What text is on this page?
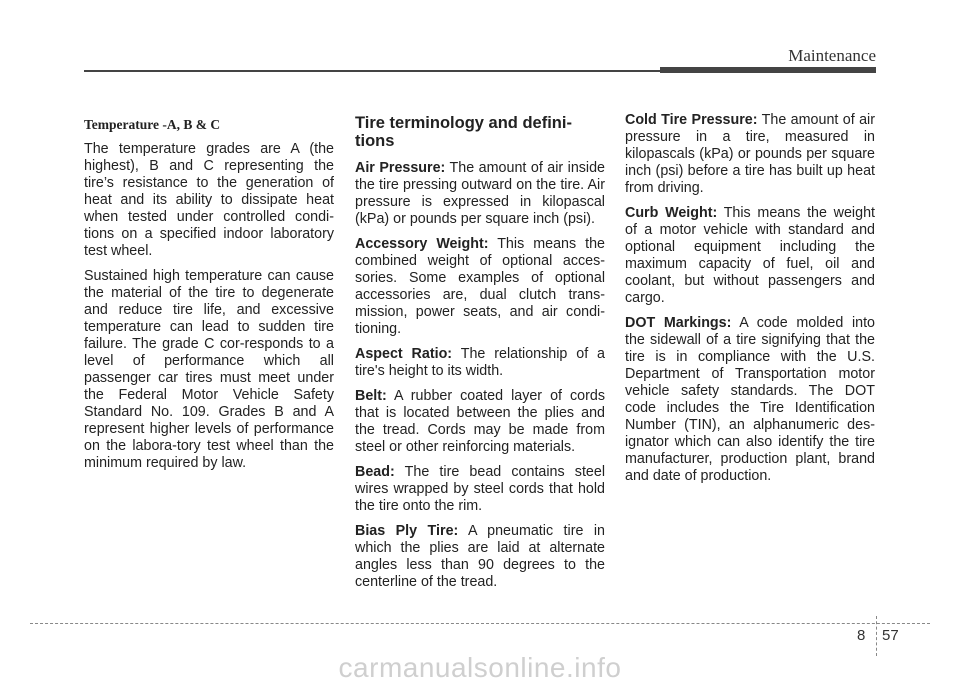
Maintenance
Temperature -A, B & C

The temperature grades are A (the highest), B and C representing the tire’s resistance to the generation of heat and its ability to dissipate heat when tested under controlled condi-tions on a specified indoor laboratory test wheel.

Sustained high temperature can cause the material of the tire to degenerate and reduce tire life, and excessive temperature can lead to sudden tire failure. The grade C cor-responds to a level of performance which all passenger car tires must meet under the Federal Motor Vehicle Safety Standard No. 109. Grades B and A represent higher levels of performance on the labora-tory test wheel than the minimum required by law.

Tire terminology and defini-tions

Air Pressure: The amount of air inside the tire pressing outward on the tire. Air pressure is expressed in kilopascal (kPa) or pounds per square inch (psi).

Accessory Weight: This means the combined weight of optional acces-sories. Some examples of optional accessories are, dual clutch trans-mission, power seats, and air condi-tioning.

Aspect Ratio: The relationship of a tire's height to its width.

Belt: A rubber coated layer of cords that is located between the plies and the tread. Cords may be made from steel or other reinforcing materials.

Bead: The tire bead contains steel wires wrapped by steel cords that hold the tire onto the rim.

Bias Ply Tire: A pneumatic tire in which the plies are laid at alternate angles less than 90 degrees to the centerline of the tread.

Cold Tire Pressure: The amount of air pressure in a tire, measured in kilopascals (kPa) or pounds per square inch (psi) before a tire has built up heat from driving.

Curb Weight: This means the weight of a motor vehicle with standard and optional equipment including the maximum capacity of fuel, oil and coolant, but without passengers and cargo.

DOT Markings: A code molded into the sidewall of a tire signifying that the tire is in compliance with the U.S. Department of Transportation motor vehicle safety standards. The DOT code includes the Tire Identification Number (TIN), an alphanumeric des-ignator which can also identify the tire manufacturer, production plant, brand and date of production.

8 57
carmanualsonline.info
